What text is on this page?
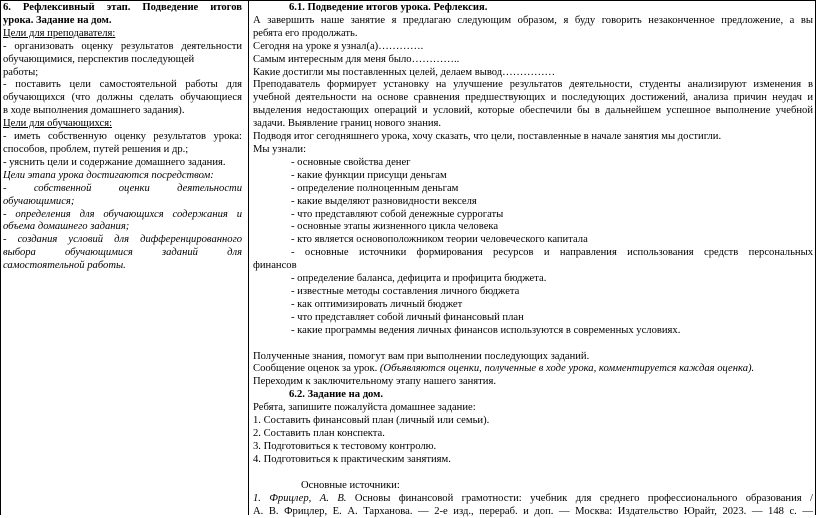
6. Рефлексивный этап. Подведение итогов
урока. Задание на дом.
Цели для преподавателя:
- организовать оценку результатов деятельности
обучающимися, перспектив последующей
работы;
- поставить цели самостоятельной работы для
обучающихся (что должны сделать обучающиеся
в ходе выполнения домашнего задания).
Цели для обучающихся:
- иметь собственную оценку результатов урока:
способов, проблем, путей решения и др.;
- уяснить цели и содержание домашнего задания.
Цели этапа урока достигаются посредством:
- собственной оценки деятельности
обучающимися;
- определения для обучающихся содержания и
объема домашнего задания;
- создания условий для дифференцированного
выбора обучающимися заданий для
самостоятельной работы.
6.1. Подведение итогов урока. Рефлексия.
А завершить наше занятие я предлагаю следующим образом, я буду говорить незаконченное предложение, а вы
ребята его продолжать.
Сегодня на уроке я узнал(а)………….
Самым интересным для меня было…………..
Какие достигли мы поставленных целей, делаем вывод……………
Преподаватель формирует установку на улучшение результатов деятельности, студенты анализируют изменения в
учебной деятельности на основе сравнения предшествующих и последующих достижений, анализа причин неудач и
выделения недостающих операций и условий, которые обеспечили бы в дальнейшем успешное выполнение учебной
задачи. Выявление границ нового знания.
Подводя итог сегодняшнего урока, хочу сказать, что цели, поставленные в начале занятия мы достигли.
Мы узнали:
- основные свойства денег
- какие функции присущи деньгам
- определение полноценным деньгам
- какие выделяют разновидности векселя
- что представляют собой денежные суррогаты
- основные этапы жизненного цикла человека
- кто является основоположником теории человеческого капитала
- основные источники формирования ресурсов и направления использования средств персональных
финансов
- определение баланса, дефицита и профицита бюджета.
- известные методы составления личного бюджета
- как оптимизировать личный бюджет
- что представляет собой личный финансовый план
- какие программы ведения личных финансов используются в современных условиях.
Полученные знания, помогут вам при выполнении последующих заданий.
Сообщение оценок за урок. (Объявляются оценки, полученные в ходе урока, комментируется каждая оценка).
Переходим к заключительному этапу нашего занятия.
6.2. Задание на дом.
Ребята, запишите пожалуйста домашнее задание:
1. Составить финансовый план (личный или семьи).
2. Составить план конспекта.
3. Подготовиться к тестовому контролю.
4. Подготовиться к практическим занятиям.
Основные источники:
1. Фрицлер, А. В. Основы финансовой грамотности: учебник для среднего профессионального образования /
А. В. Фрицлер, Е. А. Тарханова. — 2-е изд., перераб. и доп. — Москва: Издательство Юрайт, 2023. — 148 с. —
